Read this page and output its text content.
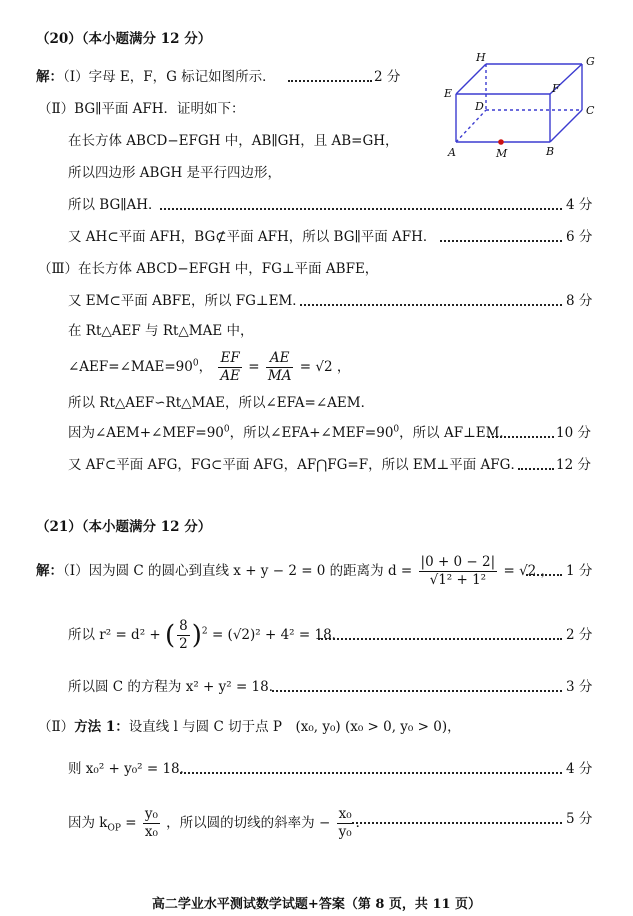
（20）（本小题满分 12 分）
解：（Ⅰ）字母 E，F，G 标记如图所示．	2 分
（Ⅱ）BG∥平面 AFH．证明如下：
在长方体 ABCD−EFGH 中，AB∥GH，且 AB=GH，
所以四边形 ABGH 是平行四边形，
所以 BG∥AH．	4 分
又 AH⊂平面 AFH，BG⊄平面 AFH，所以 BG∥平面 AFH．	6 分
（Ⅲ）在长方体 ABCD−EFGH 中，FG⊥平面 ABFE，
又 EM⊂平面 ABFE，所以 FG⊥EM．	8 分
在 Rt△AEF 与 Rt△MAE 中，
$\angle AEF=\angle MAE=90^0$， $\frac{EF}{AE} = \frac{AE}{MA} = √2$ ，
所以 Rt△AEF∽Rt△MAE，所以∠EFA=∠AEM．
因为$\angle AEM+\angle MEF=90^0$，所以$\angle EFA+\angle MEF=90^0$，所以 AF⊥EM．	10 分
又 AF⊂平面 AFG，FG⊂平面 AFG，AF⋂FG=F，所以 EM⊥平面 AFG． 12 分
H	G
E	F
D	C
A	M	B
（21）（本小题满分 12 分）
解：（Ⅰ）因为圆 C 的圆心到直线 x + y − 2 = 0 的距离为 $d = \frac{|0 + 0 - 2|}{\text{√1² + 1²}} = √2$ ， 1 分
所以 r² = d² + ( $\frac{8}{2} )^2 = (√2)^2 + 4^2 = 18$．	2 分
所以圆 C 的方程为 x² + y² = 18．	3 分
（Ⅱ）方法 1：设直线 l 与圆 C 切于点 P　(x₀, y₀) (x₀ > 0, y₀ > 0)，
则 x₀² + y₀² = 18．	4 分
因为 $k_{OP} = \frac{\text{y₀}}{\text{x₀}}$ ，所以圆的切线的斜率为 − $\frac{\text{x₀}}{\text{y₀}}$ ．	5 分
高二学业水平测试数学试题+答案（第 8 页，共 11 页）
